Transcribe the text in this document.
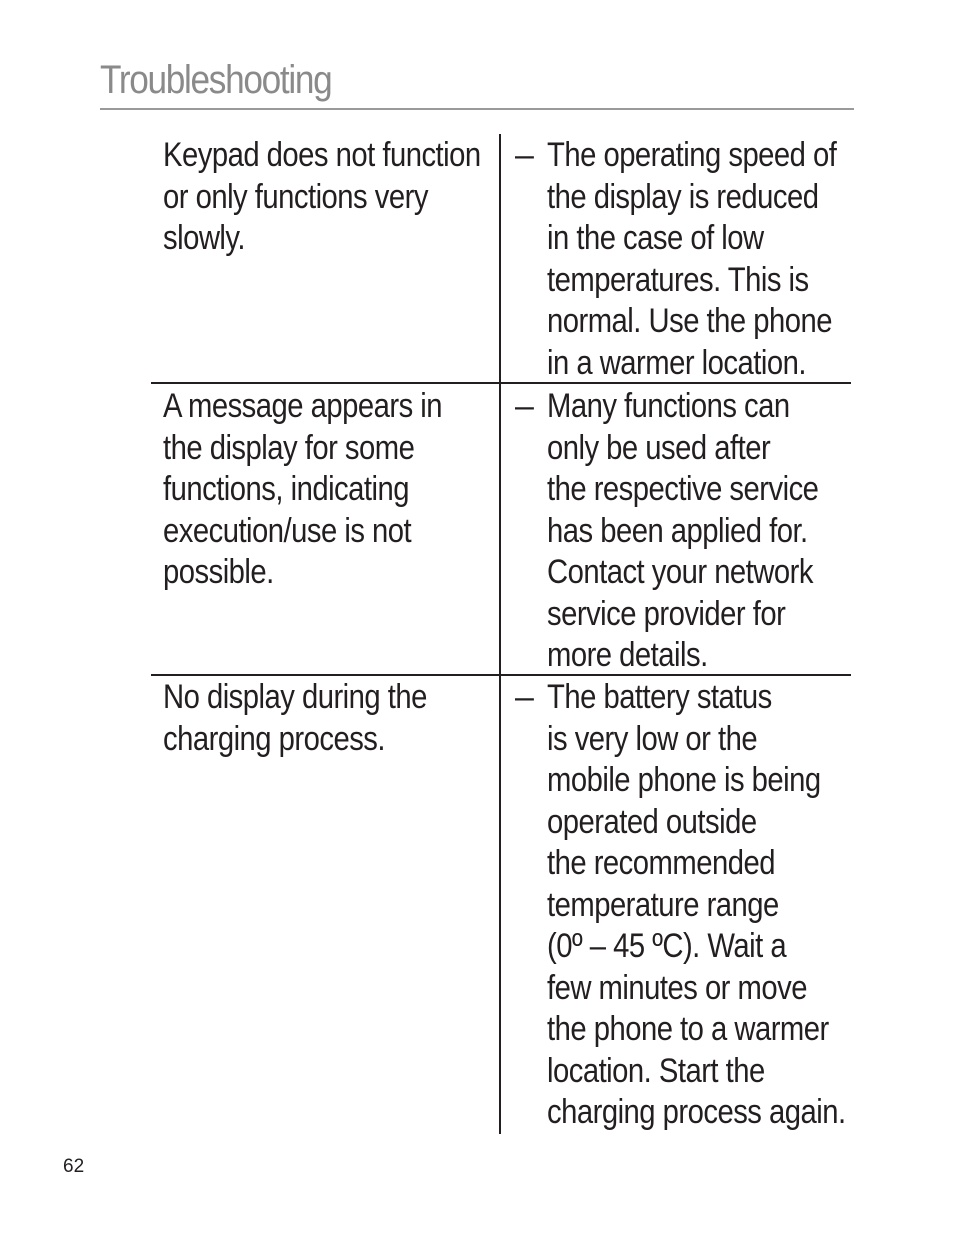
Troubleshooting
Keypad does not function
or only functions very
slowly.
– The operating speed of
the display is reduced
in the case of low
temperatures. This is
normal. Use the phone
in a warmer location.
A message appears in
the display for some
functions, indicating
execution/use is not
possible.
– Many functions can
only be used after
the respective service
has been applied for.
Contact your network
service provider for
more details.
No display during the
charging process.
– The battery status
is very low or the
mobile phone is being
operated outside
the recommended
temperature range
(0º – 45 ºC). Wait a
few minutes or move
the phone to a warmer
location. Start the
charging process again.
62
